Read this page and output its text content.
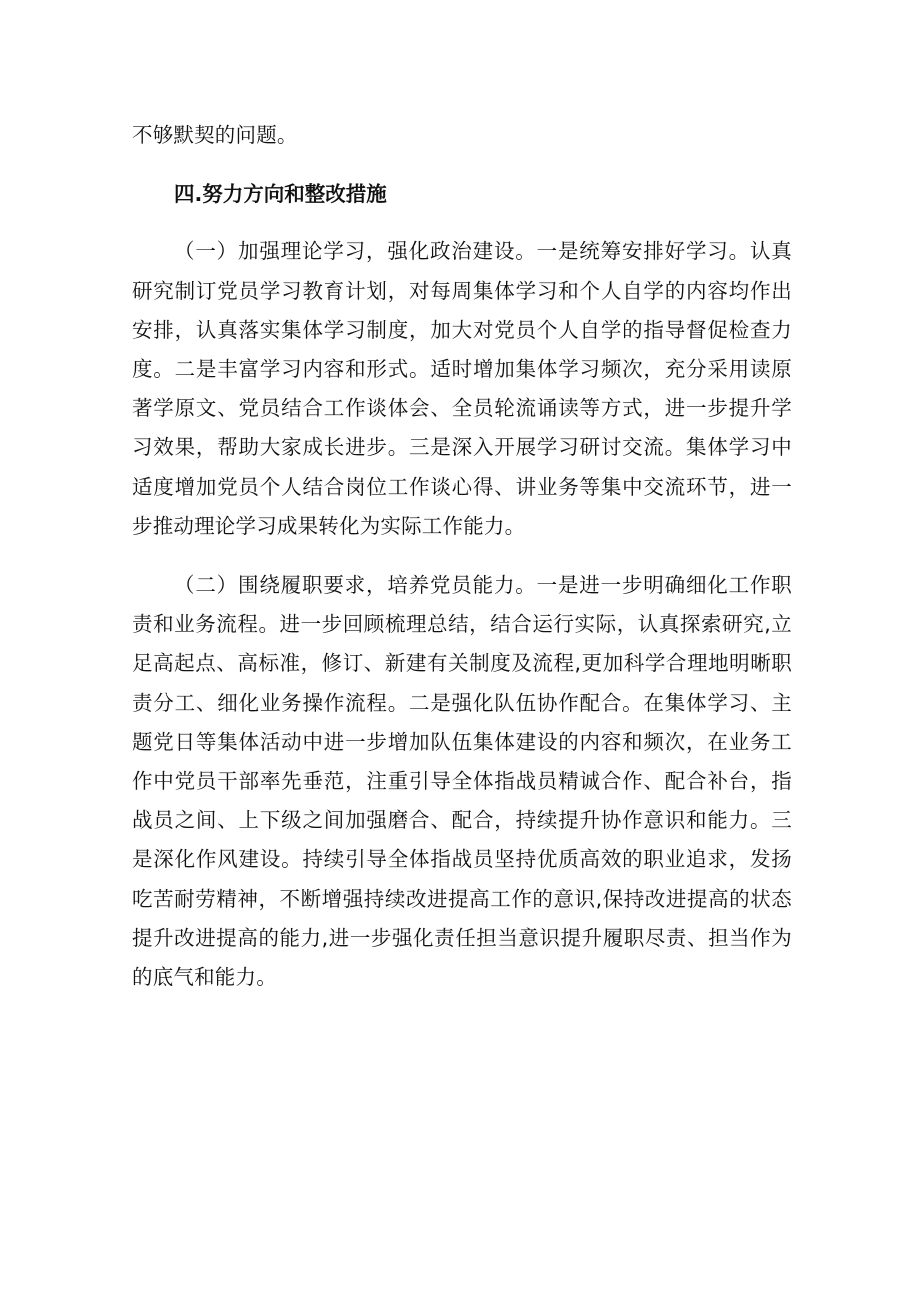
不够默契的问题。

四.努力方向和整改措施

（一）加强理论学习，强化政治建设。一是统筹安排好学习。认真研究制订党员学习教育计划，对每周集体学习和个人自学的内容均作出安排，认真落实集体学习制度，加大对党员个人自学的指导督促检查力度。二是丰富学习内容和形式。适时增加集体学习频次，充分采用读原著学原文、党员结合工作谈体会、全员轮流诵读等方式，进一步提升学习效果，帮助大家成长进步。三是深入开展学习研讨交流。集体学习中适度增加党员个人结合岗位工作谈心得、讲业务等集中交流环节，进一步推动理论学习成果转化为实际工作能力。

（二）围绕履职要求，培养党员能力。一是进一步明确细化工作职责和业务流程。进一步回顾梳理总结，结合运行实际，认真探索研究,立足高起点、高标准，修订、新建有关制度及流程,更加科学合理地明晰职责分工、细化业务操作流程。二是强化队伍协作配合。在集体学习、主题党日等集体活动中进一步增加队伍集体建设的内容和频次，在业务工作中党员干部率先垂范，注重引导全体指战员精诚合作、配合补台，指战员之间、上下级之间加强磨合、配合，持续提升协作意识和能力。三是深化作风建设。持续引导全体指战员坚持优质高效的职业追求，发扬吃苦耐劳精神，不断增强持续改进提高工作的意识,保持改进提高的状态提升改进提高的能力,进一步强化责任担当意识提升履职尽责、担当作为的底气和能力。
